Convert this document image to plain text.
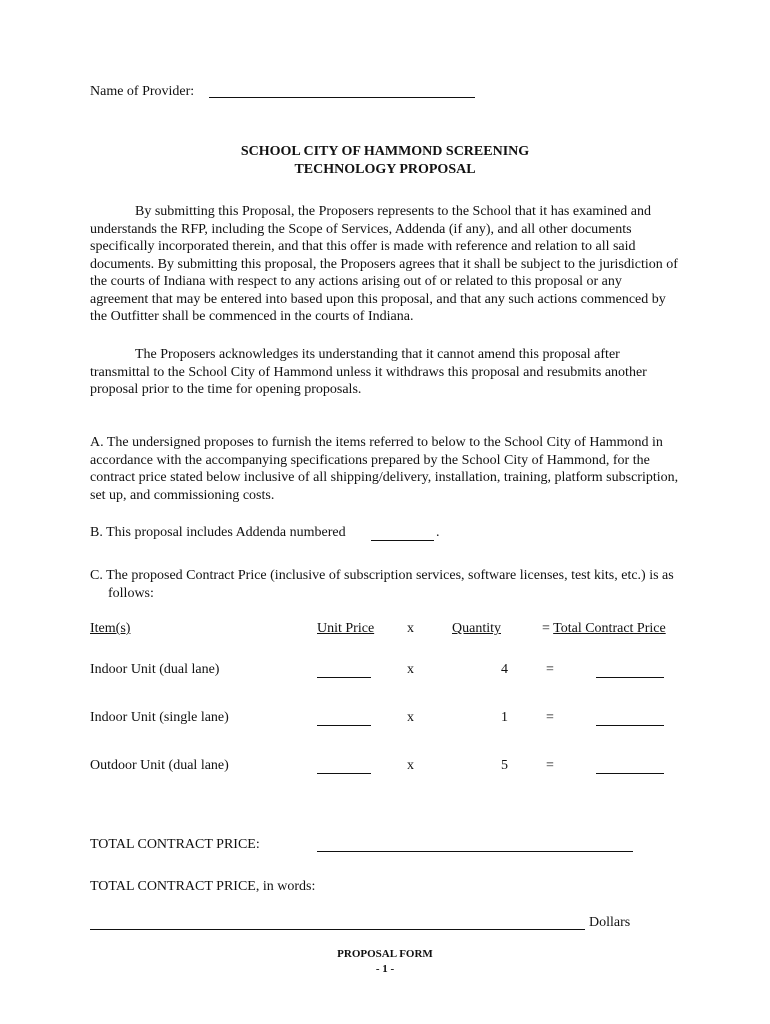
Name of Provider:
SCHOOL CITY OF HAMMOND SCREENING
TECHNOLOGY PROPOSAL
By submitting this Proposal, the Proposers represents to the School that it has examined and understands the RFP, including the Scope of Services, Addenda (if any), and all other documents specifically incorporated therein, and that this offer is made with reference and relation to all said documents. By submitting this proposal, the Proposers agrees that it shall be subject to the jurisdiction of the courts of Indiana with respect to any actions arising out of or related to this proposal or any agreement that may be entered into based upon this proposal, and that any such actions commenced by the Outfitter shall be commenced in the courts of Indiana.
The Proposers acknowledges its understanding that it cannot amend this proposal after transmittal to the School City of Hammond unless it withdraws this proposal and resubmits another proposal prior to the time for opening proposals.
A. The undersigned proposes to furnish the items referred to below to the School City of Hammond in accordance with the accompanying specifications prepared by the School City of Hammond, for the contract price stated below inclusive of all shipping/delivery, installation, training, platform subscription, set up, and commissioning costs.
B. This proposal includes Addenda numbered	.
C. The proposed Contract Price (inclusive of subscription services, software licenses, test kits, etc.) is as follows:
Item(s)	Unit Price x	Quantity	= Total Contract Price
Indoor Unit (dual lane)	x	4	=
Indoor Unit (single lane)	x	1	=
Outdoor Unit (dual lane)	x	5	=
TOTAL CONTRACT PRICE:
TOTAL CONTRACT PRICE, in words:
Dollars
PROPOSAL FORM
- 1 -
